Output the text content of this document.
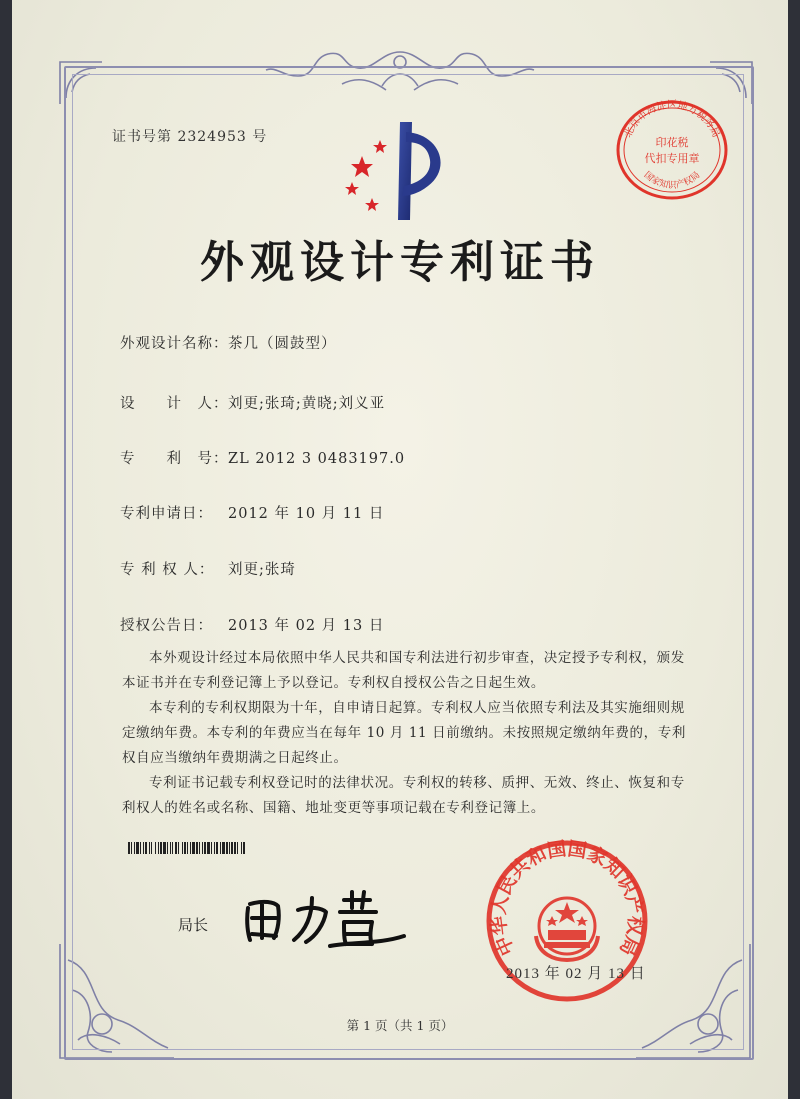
证书号第 2324953 号
外观设计专利证书
外观设计名称：茶几（圆鼓型）
设　　计　人：刘更;张琦;黄晓;刘义亚
专　　利　号：ZL 2012 3 0483197.0
专利申请日： 2012 年 10 月 11 日
专 利 权 人： 刘更;张琦
授权公告日： 2013 年 02 月 13 日

本外观设计经过本局依照中华人民共和国专利法进行初步审查，决定授予专利权，颁发本证书并在专利登记簿上予以登记。专利权自授权公告之日起生效。

本专利的专利权期限为十年，自申请日起算。专利权人应当依照专利法及其实施细则规定缴纳年费。本专利的年费应当在每年 10 月 11 日前缴纳。未按照规定缴纳年费的，专利权自应当缴纳年费期满之日起终止。

专利证书记载专利权登记时的法律状况。专利权的转移、质押、无效、终止、恢复和专利权人的姓名或名称、国籍、地址变更等事项记载在专利登记簿上。

局长
北京市海淀区地方税务局
印花税
代扣专用章
国家知识产权局
中华人民共和国国家知识产权局
2013 年 02 月 13 日
第 1 页（共 1 页）
